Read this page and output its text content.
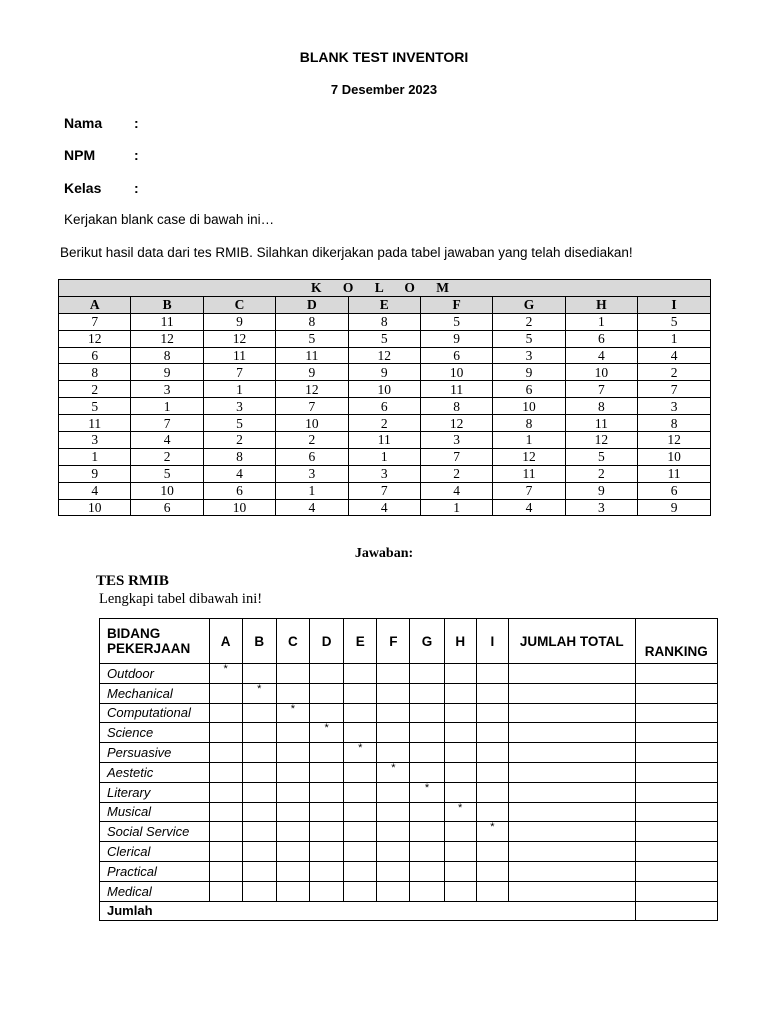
BLANK TEST INVENTORI
7 Desember 2023
Nama :
NPM	:
Kelas :
Kerjakan blank case di bawah ini…
Berikut hasil data dari tes RMIB. Silahkan dikerjakan pada tabel jawaban yang telah disediakan!
K O L O M								
A	B	C	D	E	F	G	H	I
7	11	9	8	8	5	2	1	5
12	12	12	5	5	9	5	6	1
6	8	11	11	12	6	3	4	4
8	9	7	9	9	10	9	10	2
2	3	1	12	10	11	6	7	7
5	1	3	7	6	8	10	8	3
11	7	5	10	2	12	8	11	8
3	4	2	2	11	3	1	12	12
1	2	8	6	1	7	12	5	10
9	5	4	3	3	2	11	2	11
4	10	6	1	7	4	7	9	6
10	6	10	4	4	1	4	3	9
Jawaban:
TES RMIB
Lengkapi tabel dibawah ini!
BIDANG
PEKERJAAN	A	B	C	D	E	F	G	H	I	JUMLAH TOTAL	RANKING
Outdoor	*										
Mechanical		*									
Computational			*								
Science				*							
Persuasive					*						
Aestetic						*					
Literary							*				
Musical								*			
Social Service									*		
Clerical											
Practical											
Medical											
Jumlah											
